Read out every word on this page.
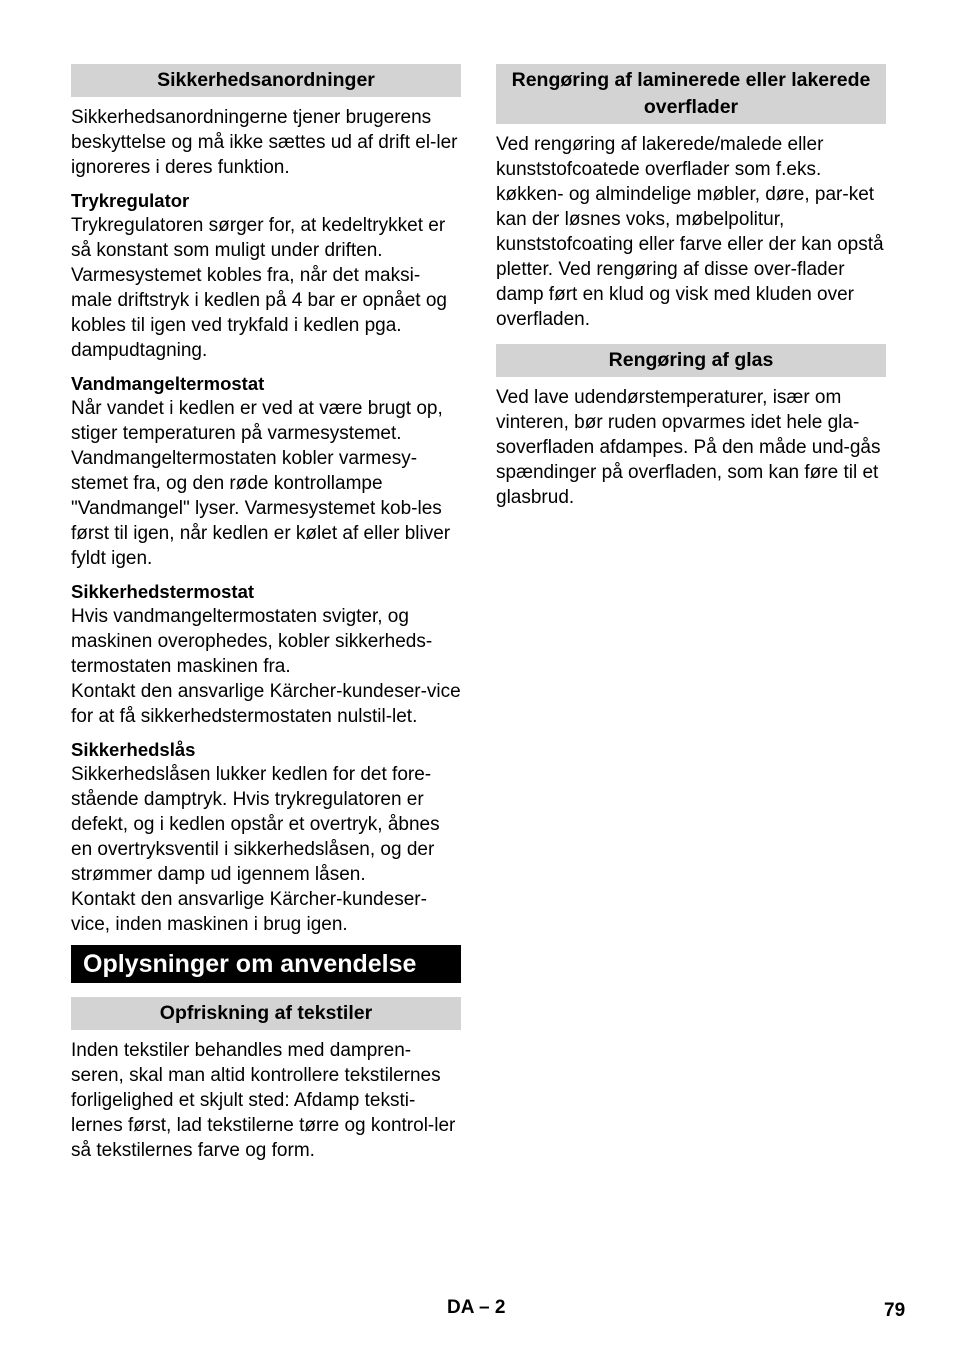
Sikkerhedsanordninger

Sikkerhedsanordningerne tjener brugerens beskyttelse og må ikke sættes ud af drift el-ler ignoreres i deres funktion.

Trykregulator

Trykregulatoren sørger for, at kedeltrykket er så konstant som muligt under driften. Varmesystemet kobles fra, når det maksi-male driftstryk i kedlen på 4 bar er opnået og kobles til igen ved trykfald i kedlen pga. dampudtagning.

Vandmangeltermostat

Når vandet i kedlen er ved at være brugt op, stiger temperaturen på varmesystemet. Vandmangeltermostaten kobler varmesy-stemet fra, og den røde kontrollampe "Vandmangel" lyser. Varmesystemet kob-les først til igen, når kedlen er kølet af eller bliver fyldt igen.

Sikkerhedstermostat

Hvis vandmangeltermostaten svigter, og maskinen overophedes, kobler sikkerheds-termostaten maskinen fra.

Kontakt den ansvarlige Kärcher-kundeser-vice for at få sikkerhedstermostaten nulstil-let.

Sikkerhedslås

Sikkerhedslåsen lukker kedlen for det fore-stående damptryk. Hvis trykregulatoren er defekt, og i kedlen opstår et overtryk, åbnes en overtryksventil i sikkerhedslåsen, og der strømmer damp ud igennem låsen.

Kontakt den ansvarlige Kärcher-kundeser-vice, inden maskinen i brug igen.

Oplysninger om anvendelse
Opfriskning af tekstiler

Inden tekstiler behandles med dampren-seren, skal man altid kontrollere tekstilernes forligelighed et skjult sted: Afdamp teksti-lernes først, lad tekstilerne tørre og kontrol-ler så tekstilernes farve og form.

Rengøring af laminerede eller lakerede overflader

Ved rengøring af lakerede/malede eller kunststofcoatede overflader som f.eks. køkken- og almindelige møbler, døre, par-ket kan der løsnes voks, møbelpolitur, kunststofcoating eller farve eller der kan opstå pletter. Ved rengøring af disse over-flader damp ført en klud og visk med kluden over overfladen.

Rengøring af glas

Ved lave udendørstemperaturer, især om vinteren, bør ruden opvarmes idet hele gla-soverfladen afdampes. På den måde und-gås spændinger på overfladen, som kan føre til et glasbrud.

DA – 2	79
